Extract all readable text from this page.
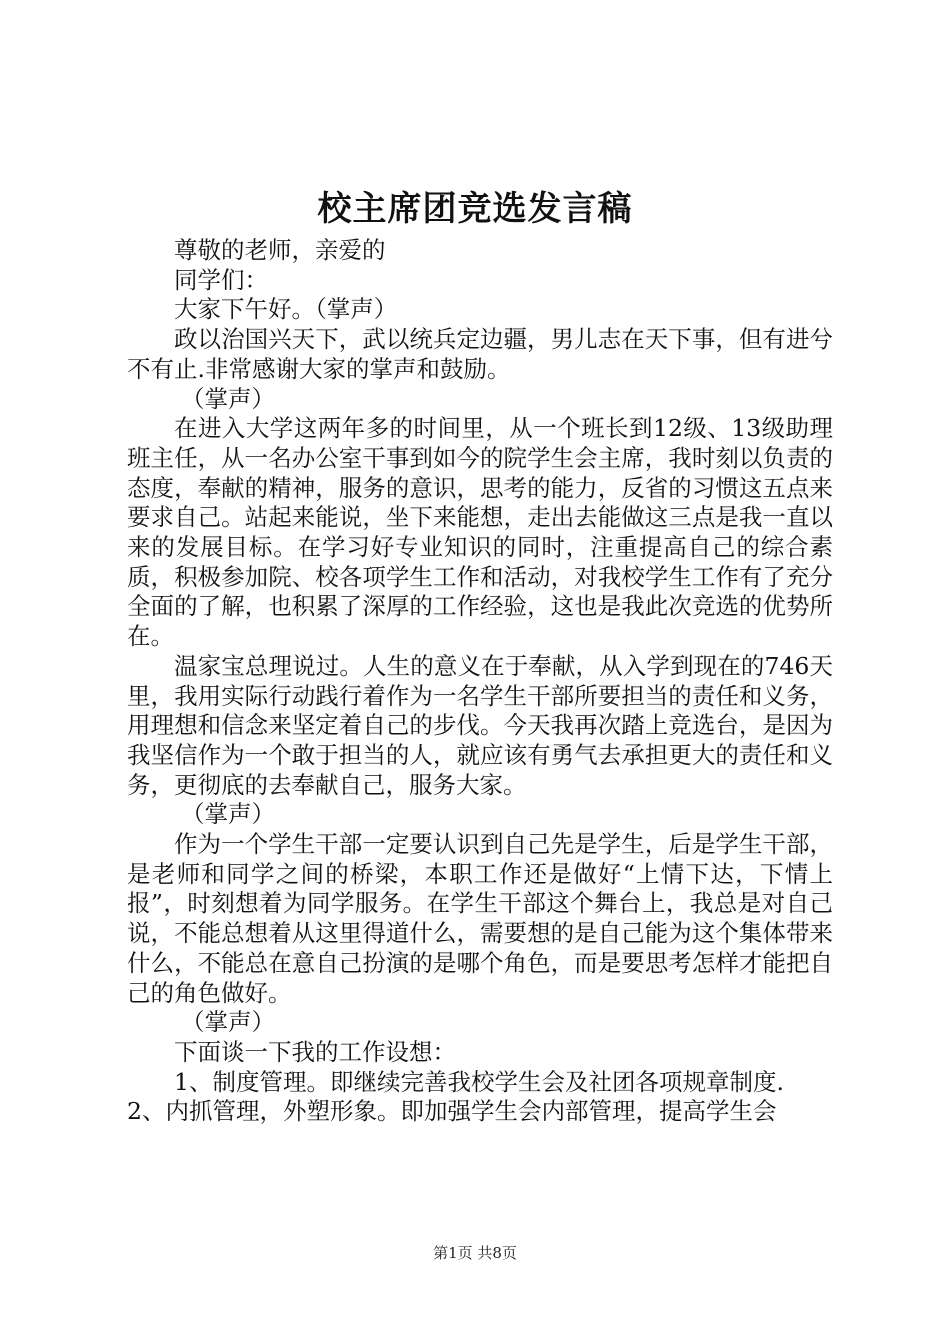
校主席团竞选发言稿

尊敬的老师，亲爱的

同学们：

大家下午好。（掌声）

政以治国兴天下，武以统兵定边疆，男儿志在天下事，但有进兮不有止.非常感谢大家的掌声和鼓励。

（掌声）

在进入大学这两年多的时间里，从一个班长到12级、13级助理班主任，从一名办公室干事到如今的院学生会主席，我时刻以负责的态度，奉献的精神，服务的意识，思考的能力，反省的习惯这五点来要求自己。站起来能说，坐下来能想，走出去能做这三点是我一直以来的发展目标。在学习好专业知识的同时，注重提高自己的综合素质，积极参加院、校各项学生工作和活动，对我校学生工作有了充分全面的了解，也积累了深厚的工作经验，这也是我此次竞选的优势所在。

温家宝总理说过。人生的意义在于奉献，从入学到现在的746天里，我用实际行动践行着作为一名学生干部所要担当的责任和义务，用理想和信念来坚定着自己的步伐。今天我再次踏上竞选台，是因为我坚信作为一个敢于担当的人，就应该有勇气去承担更大的责任和义务，更彻底的去奉献自己，服务大家。

（掌声）

作为一个学生干部一定要认识到自己先是学生，后是学生干部，是老师和同学之间的桥梁，本职工作还是做好“上情下达，下情上报”，时刻想着为同学服务。在学生干部这个舞台上，我总是对自己说，不能总想着从这里得道什么，需要想的是自己能为这个集体带来什么，不能总在意自己扮演的是哪个角色，而是要思考怎样才能把自己的角色做好。

（掌声）

下面谈一下我的工作设想：

1、制度管理。即继续完善我校学生会及社团各项规章制度.

2、内抓管理，外塑形象。即加强学生会内部管理，提高学生会

第1页 共8页
